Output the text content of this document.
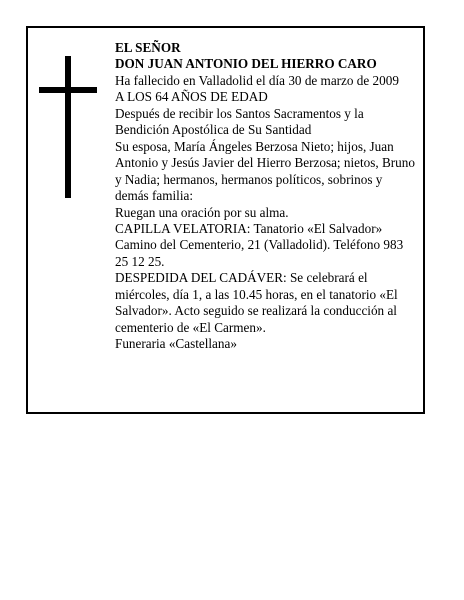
EL SEÑOR

DON JUAN ANTONIO DEL HIERRO CARO

Ha fallecido en Valladolid el día 30 de marzo de 2009

A LOS 64 AÑOS DE EDAD

Después de recibir los Santos Sacramentos y la Bendición Apostólica de Su Santidad

Su esposa, María Ángeles Berzosa Nieto; hijos, Juan Antonio y Jesús Javier del Hierro Berzosa; nietos, Bruno y Nadia; hermanos, hermanos políticos, sobrinos y demás familia:

Ruegan una oración por su alma.

CAPILLA VELATORIA: Tanatorio «El Salvador» Camino del Cementerio, 21 (Valladolid). Teléfono 983 25 12 25.

DESPEDIDA DEL CADÁVER: Se celebrará el miércoles, día 1, a las 10.45 horas, en el tanatorio «El Salvador». Acto seguido se realizará la conducción al cementerio de «El Carmen».

Funeraria «Castellana»
